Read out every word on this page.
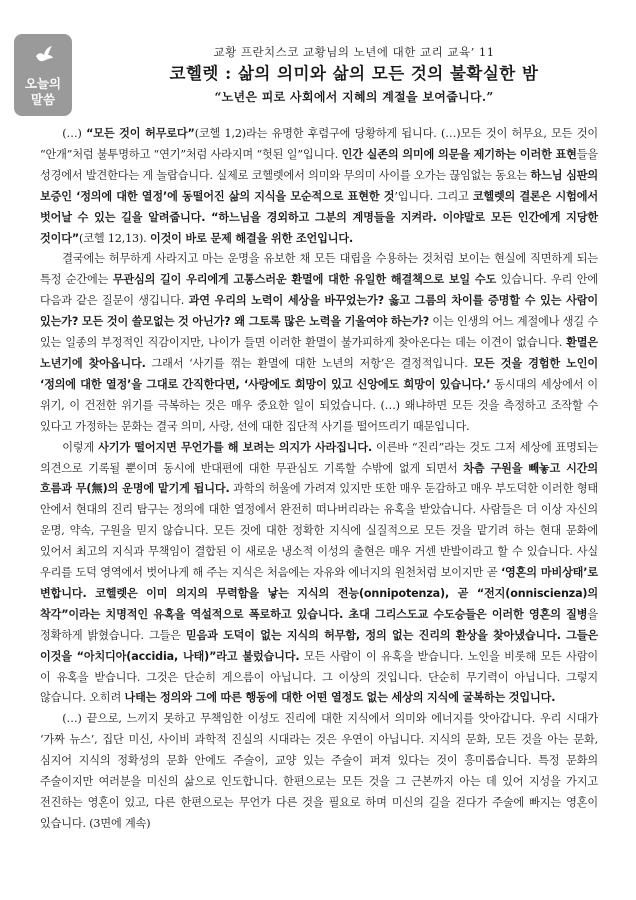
오늘의
말씀
교황 프란치스코 교황님의 노년에 대한 교리 교육’ 11
코헬렛 : 삶의 의미와 삶의 모든 것의 불확실한 밤
“노년은 피로 사회에서 지혜의 계절을 보여줍니다.”

(…) “모든 것이 허무로다”(코헬 1,2)라는 유명한 후렴구에 당황하게 됩니다. (…)모든 것이 허무요, 모든 것이 “안개”처럼 불투명하고 “연기”처럼 사라지며 “헛된 일”입니다. 인간 실존의 의미에 의문을 제기하는 이러한 표현들을 성경에서 발견한다는 게 놀랍습니다. 실제로 코헬렛에서 의미와 무의미 사이를 오가는 끊임없는 동요는 하느님 심판의 보증인 ‘정의에 대한 열정’에 동떨어진 삶의 지식을 모순적으로 표현한 것’입니다. 그리고 코헬렛의 결론은 시험에서 벗어날 수 있는 길을 알려줍니다. “하느님을 경외하고 그분의 계명들을 지켜라. 이야말로 모든 인간에게 지당한 것이다”(코헬 12,13). 이것이 바로 문제 해결을 위한 조언입니다.

결국에는 허무하게 사라지고 마는 운명을 유보한 채 모든 대립을 수용하는 것처럼 보이는 현실에 직면하게 되는 특정 순간에는 무관심의 길이 우리에게 고통스러운 환멸에 대한 유일한 해결책으로 보일 수도 있습니다. 우리 안에 다음과 같은 질문이 생깁니다. 과연 우리의 노력이 세상을 바꾸었는가? 옳고 그름의 차이를 증명할 수 있는 사람이 있는가? 모든 것이 쓸모없는 것 아닌가? 왜 그토록 많은 노력을 기울여야 하는가? 이는 인생의 어느 계절에나 생길 수 있는 일종의 부정적인 직감이지만, 나이가 들면 이러한 환멸이 불가피하게 찾아온다는 데는 이견이 없습니다. 환멸은 노년기에 찾아옵니다. 그래서 ‘사기를 꺾는 환멸에 대한 노년의 저항’은 결정적입니다. 모든 것을 경험한 노인이 ‘정의에 대한 열정’을 그대로 간직한다면, ‘사랑에도 희망이 있고 신앙에도 희망이 있습니다.’ 동시대의 세상에서 이 위기, 이 건전한 위기를 극복하는 것은 매우 중요한 일이 되었습니다. (…) 왜냐하면 모든 것을 측정하고 조작할 수 있다고 가정하는 문화는 결국 의미, 사랑, 선에 대한 집단적 사기를 떨어뜨리기 때문입니다.

이렇게 사기가 떨어지면 무언가를 해 보려는 의지가 사라집니다. 이른바 “진리”라는 것도 그저 세상에 표명되는 의견으로 기록될 뿐이며 동시에 반대편에 대한 무관심도 기록할 수밖에 없게 되면서 차츰 구원을 빼놓고 시간의 흐름과 무(無)의 운명에 맡기게 됩니다. 과학의 허울에 가려져 있지만 또한 매우 둔감하고 매우 부도덕한 이러한 형태 안에서 현대의 진리 탐구는 정의에 대한 열정에서 완전히 떠나버리라는 유혹을 받았습니다. 사람들은 더 이상 자신의 운명, 약속, 구원을 믿지 않습니다. 모든 것에 대한 정확한 지식에 실질적으로 모든 것을 맡기려 하는 현대 문화에 있어서 최고의 지식과 무책임이 결합된 이 새로운 냉소적 이성의 출현은 매우 거센 반발이라고 할 수 있습니다. 사실 우리를 도덕 영역에서 벗어나게 해 주는 지식은 처음에는 자유와 에너지의 원천처럼 보이지만 곧 ‘영혼의 마비상태’로 변합니다. 코헬렛은 이미 의지의 무력함을 낳는 지식의 전능(onnipotenza), 곧 “전지(onniscienza)의 착각”이라는 치명적인 유혹을 역설적으로 폭로하고 있습니다. 초대 그리스도교 수도승들은 이러한 영혼의 질병을 정확하게 밝혔습니다. 그들은 믿음과 도덕이 없는 지식의 허무함, 정의 없는 진리의 환상을 찾아냈습니다. 그들은 이것을 “아치디아(accidia, 나태)”라고 불렀습니다. 모든 사람이 이 유혹을 받습니다. 노인을 비롯해 모든 사람이 이 유혹을 받습니다. 그것은 단순히 게으름이 아닙니다. 그 이상의 것입니다. 단순히 무기력이 아닙니다. 그렇지 않습니다. 오히려 나태는 정의와 그에 따른 행동에 대한 어떤 열정도 없는 세상의 지식에 굴복하는 것입니다.

(…) 끝으로, 느끼지 못하고 무책임한 이성도 진리에 대한 지식에서 의미와 에너지를 앗아갑니다. 우리 시대가 ‘가짜 뉴스’, 집단 미신, 사이비 과학적 진실의 시대라는 것은 우연이 아닙니다. 지식의 문화, 모든 것을 아는 문화, 심지어 지식의 정확성의 문화 안에도 주술이, 교양 있는 주술이 퍼져 있다는 것이 흥미롭습니다. 특정 문화의 주술이지만 여러분을 미신의 삶으로 인도합니다. 한편으로는 모든 것을 그 근본까지 아는 데 있어 지성을 가지고 전진하는 영혼이 있고, 다른 한편으로는 무언가 다른 것을 필요로 하며 미신의 길을 걷다가 주술에 빠지는 영혼이 있습니다. (3면에 계속)
